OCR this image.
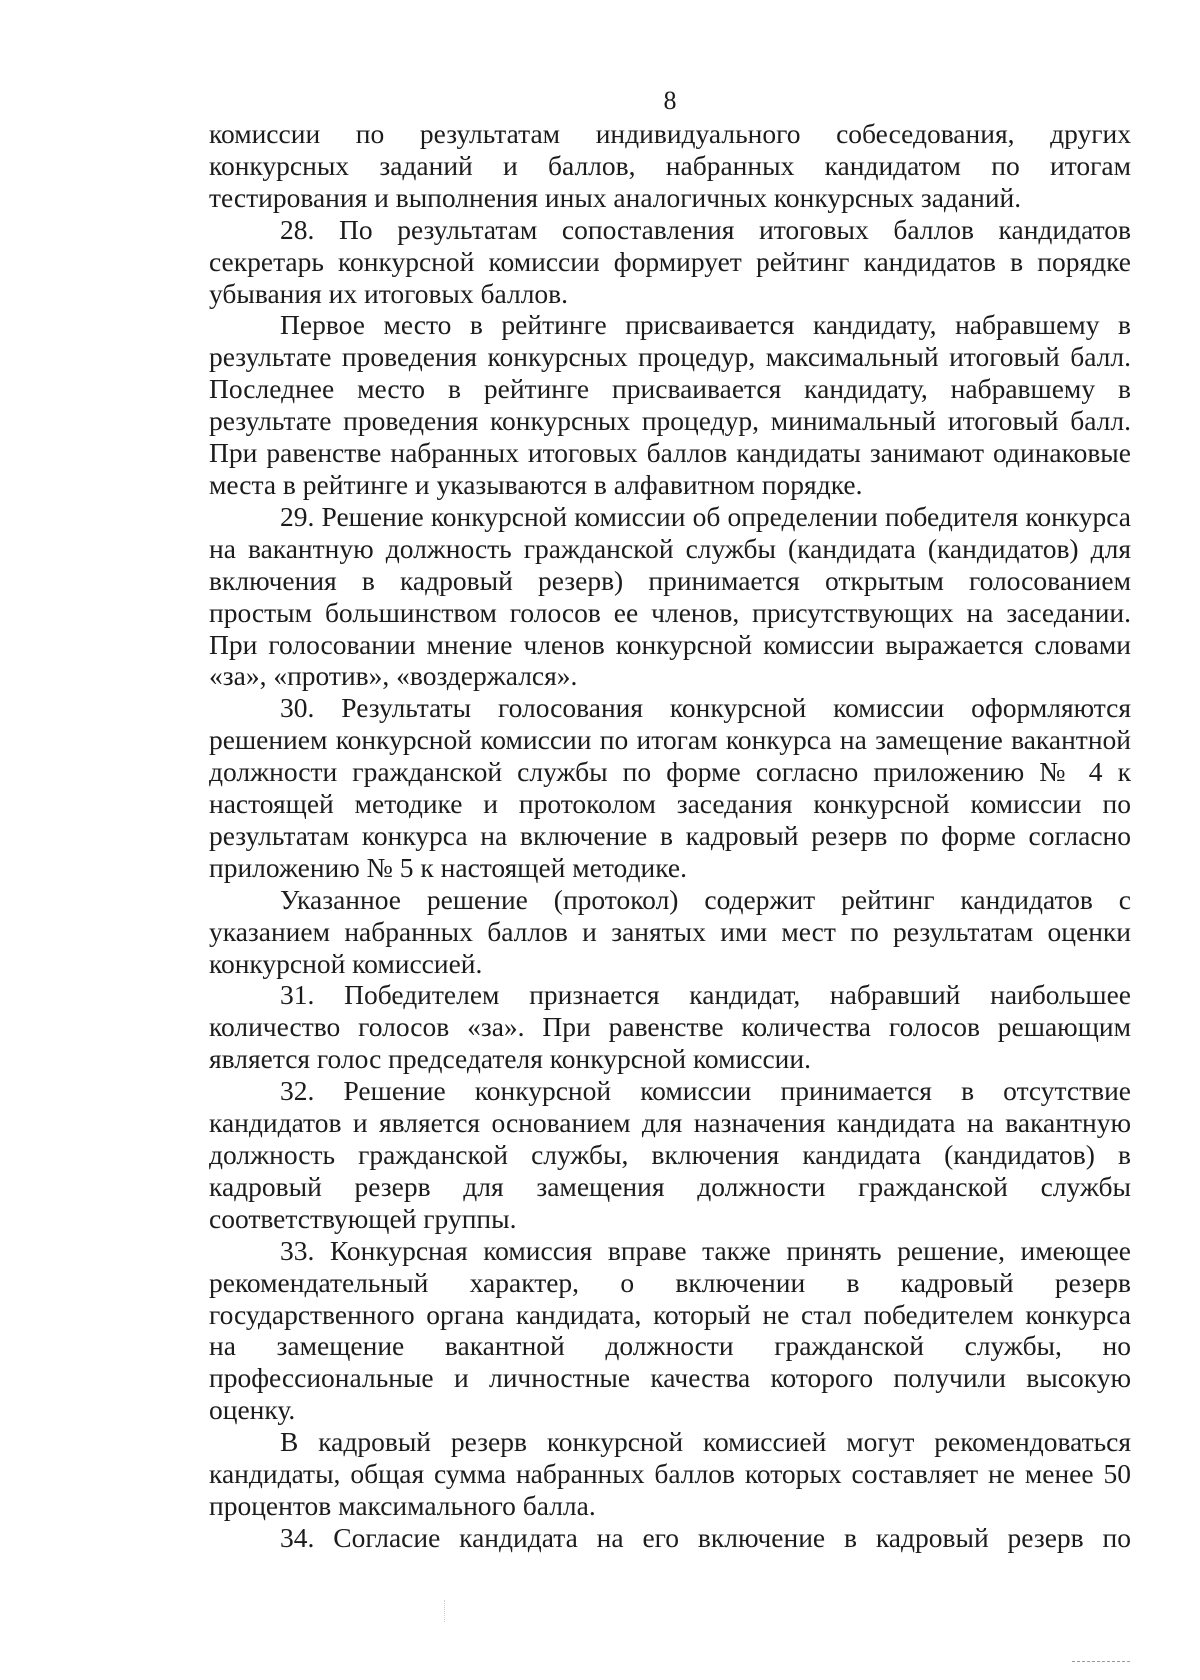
8

комиссии по результатам индивидуального собеседования, других конкурсных заданий и баллов, набранных кандидатом по итогам тестирования и выполнения иных аналогичных конкурсных заданий.

28. По результатам сопоставления итоговых баллов кандидатов секретарь конкурсной комиссии формирует рейтинг кандидатов в порядке убывания их итоговых баллов.

Первое место в рейтинге присваивается кандидату, набравшему в результате проведения конкурсных процедур, максимальный итоговый балл. Последнее место в рейтинге присваивается кандидату, набравшему в результате проведения конкурсных процедур, минимальный итоговый балл. При равенстве набранных итоговых баллов кандидаты занимают одинаковые места в рейтинге и указываются в алфавитном порядке.

29. Решение конкурсной комиссии об определении победителя конкурса на вакантную должность гражданской службы (кандидата (кандидатов) для включения в кадровый резерв) принимается открытым голосованием простым большинством голосов ее членов, присутствующих на заседании. При голосовании мнение членов конкурсной комиссии выражается словами «за», «против», «воздержался».

30. Результаты голосования конкурсной комиссии оформляются решением конкурсной комиссии по итогам конкурса на замещение вакантной должности гражданской службы по форме согласно приложению № 4 к настоящей методике и протоколом заседания конкурсной комиссии по результатам конкурса на включение в кадровый резерв по форме согласно приложению № 5 к настоящей методике.

Указанное решение (протокол) содержит рейтинг кандидатов с указанием набранных баллов и занятых ими мест по результатам оценки конкурсной комиссией.

31. Победителем признается кандидат, набравший наибольшее количество голосов «за». При равенстве количества голосов решающим является голос председателя конкурсной комиссии.

32. Решение конкурсной комиссии принимается в отсутствие кандидатов и является основанием для назначения кандидата на вакантную должность гражданской службы, включения кандидата (кандидатов) в кадровый резерв для замещения должности гражданской службы соответствующей группы.

33. Конкурсная комиссия вправе также принять решение, имеющее рекомендательный характер, о включении в кадровый резерв государственного органа кандидата, который не стал победителем конкурса на замещение вакантной должности гражданской службы, но профессиональные и личностные качества которого получили высокую оценку.

В кадровый резерв конкурсной комиссией могут рекомендоваться кандидаты, общая сумма набранных баллов которых составляет не менее 50 процентов максимального балла.

34. Согласие кандидата на его включение в кадровый резерв по
